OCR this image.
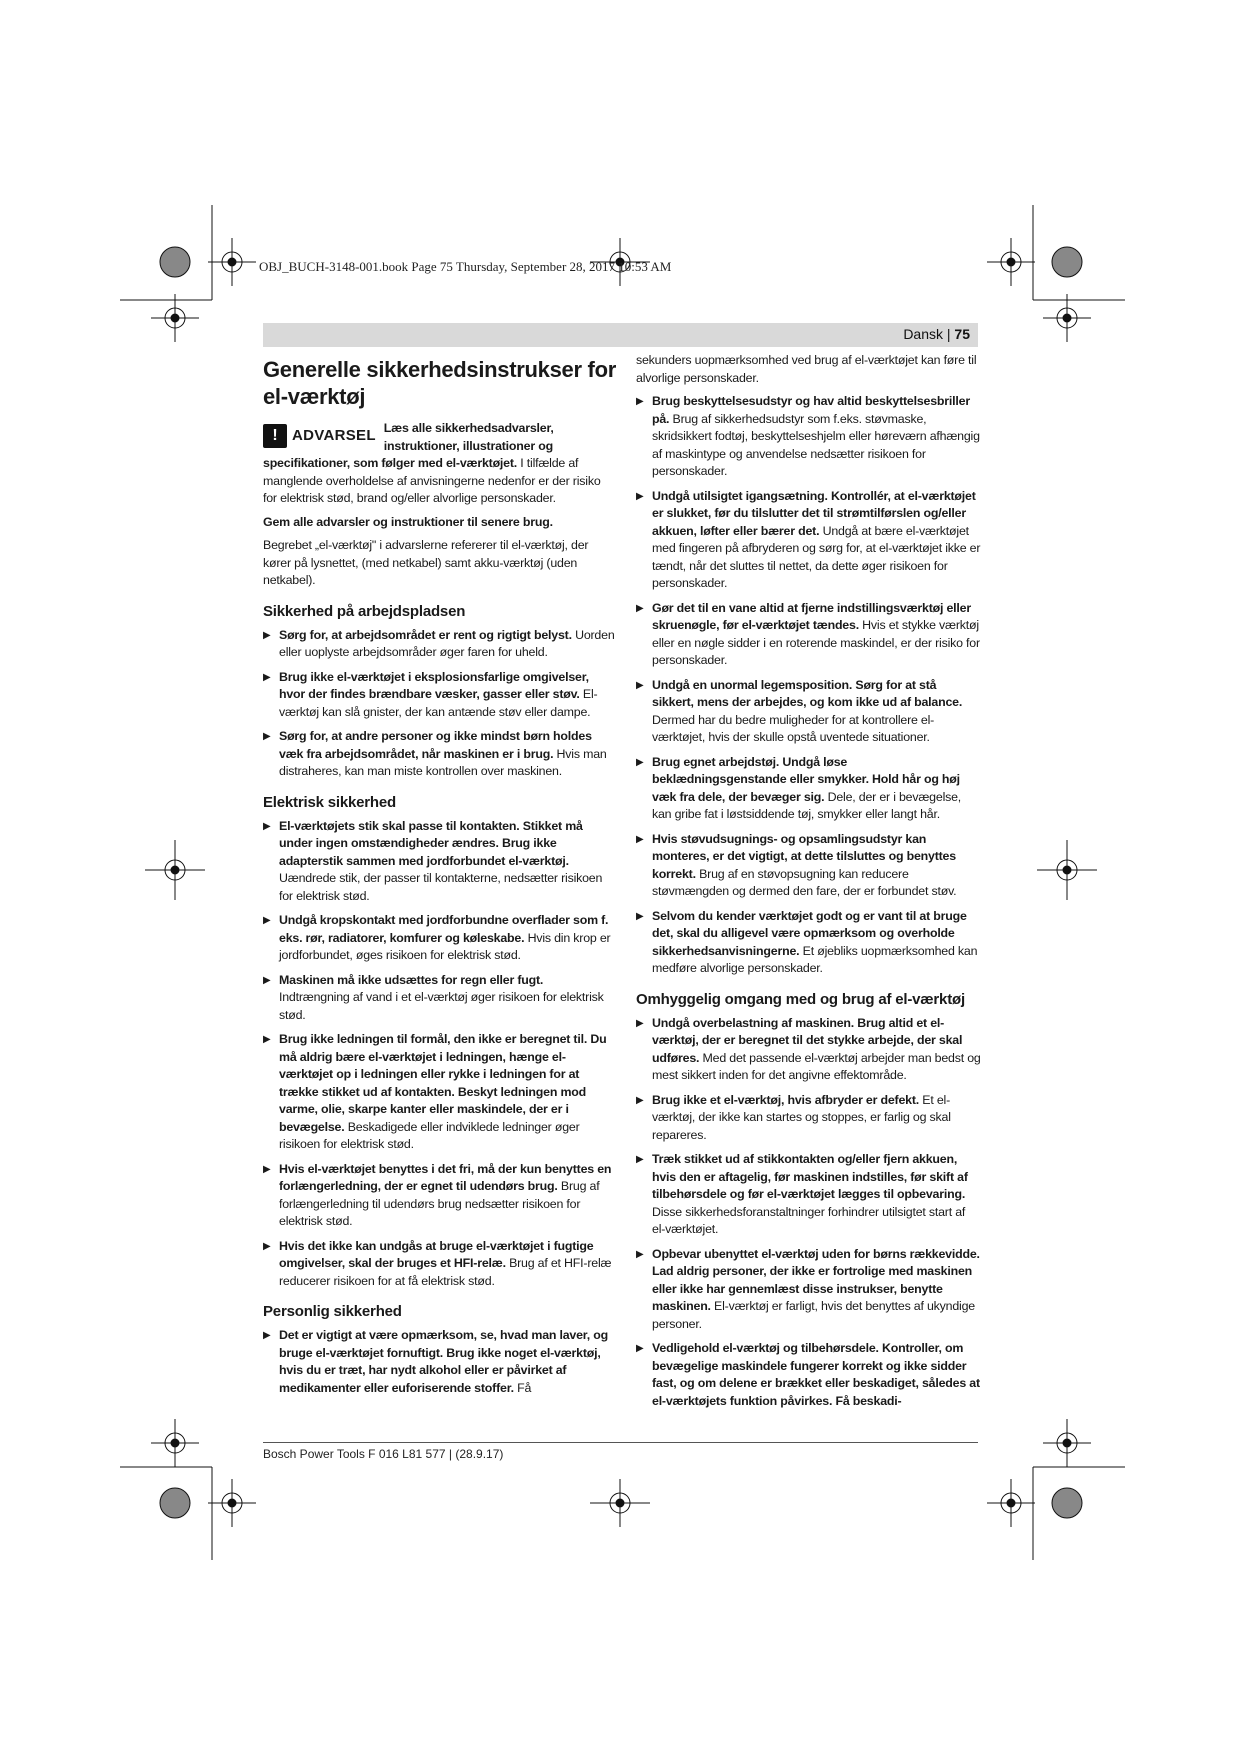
OBJ_BUCH-3148-001.book Page 75 Thursday, September 28, 2017 10:53 AM
Dansk | 75
Generelle sikkerhedsinstrukser for el-værktøj
! ADVARSEL Læs alle sikkerhedsadvarsler, instruktioner, illustrationer og specifikationer, som følger med el-værktøjet. I tilfælde af manglende overholdelse af anvisningerne nedenfor er der risiko for elektrisk stød, brand og/eller alvorlige personskader.

Gem alle advarsler og instruktioner til senere brug.

Begrebet „el-værktøj" i advarslerne refererer til el-værktøj, der kører på lysnettet, (med netkabel) samt akku-værktøj (uden netkabel).

Sikkerhed på arbejdspladsen
▶ Sørg for, at arbejdsområdet er rent og rigtigt belyst. Uorden eller uoplyste arbejdsområder øger faren for uheld.
▶ Brug ikke el-værktøjet i eksplosionsfarlige omgivelser, hvor der findes brændbare væsker, gasser eller støv. El-værktøj kan slå gnister, der kan antænde støv eller dampe.
▶ Sørg for, at andre personer og ikke mindst børn holdes væk fra arbejdsområdet, når maskinen er i brug. Hvis man distraheres, kan man miste kontrollen over maskinen.
Elektrisk sikkerhed
▶ El-værktøjets stik skal passe til kontakten. Stikket må under ingen omstændigheder ændres. Brug ikke adapterstik sammen med jordforbundet el-værktøj. Uændrede stik, der passer til kontakterne, nedsætter risikoen for elektrisk stød.
▶ Undgå kropskontakt med jordforbundne overflader som f. eks. rør, radiatorer, komfurer og køleskabe. Hvis din krop er jordforbundet, øges risikoen for elektrisk stød.
▶ Maskinen må ikke udsættes for regn eller fugt. Indtrængning af vand i et el-værktøj øger risikoen for elektrisk stød.
▶ Brug ikke ledningen til formål, den ikke er beregnet til. Du må aldrig bære el-værktøjet i ledningen, hænge el-værktøjet op i ledningen eller rykke i ledningen for at trække stikket ud af kontakten. Beskyt ledningen mod varme, olie, skarpe kanter eller maskindele, der er i bevægelse. Beskadigede eller indviklede ledninger øger risikoen for elektrisk stød.
▶ Hvis el-værktøjet benyttes i det fri, må der kun benyttes en forlængerledning, der er egnet til udendørs brug. Brug af forlængerledning til udendørs brug nedsætter risikoen for elektrisk stød.
▶ Hvis det ikke kan undgås at bruge el-værktøjet i fugtige omgivelser, skal der bruges et HFI-relæ. Brug af et HFI-relæ reducerer risikoen for at få elektrisk stød.
Personlig sikkerhed
▶ Det er vigtigt at være opmærksom, se, hvad man laver, og bruge el-værktøjet fornuftigt. Brug ikke noget el-værktøj, hvis du er træt, har nydt alkohol eller er påvirket af medikamenter eller euforiserende stoffer. Få

sekunders uopmærksomhed ved brug af el-værktøjet kan føre til alvorlige personskader.

▶ Brug beskyttelsesudstyr og hav altid beskyttelsesbriller på. Brug af sikkerhedsudstyr som f.eks. støvmaske, skridsikkert fodtøj, beskyttelseshjelm eller høreværn afhængig af maskintype og anvendelse nedsætter risikoen for personskader.
▶ Undgå utilsigtet igangsætning. Kontrollér, at el-værktøjet er slukket, før du tilslutter det til strømtilførslen og/eller akkuen, løfter eller bærer det. Undgå at bære el-værktøjet med fingeren på afbryderen og sørg for, at el-værktøjet ikke er tændt, når det sluttes til nettet, da dette øger risikoen for personskader.
▶ Gør det til en vane altid at fjerne indstillingsværktøj eller skruenøgle, før el-værktøjet tændes. Hvis et stykke værktøj eller en nøgle sidder i en roterende maskindel, er der risiko for personskader.
▶ Undgå en unormal legemsposition. Sørg for at stå sikkert, mens der arbejdes, og kom ikke ud af balance. Dermed har du bedre muligheder for at kontrollere el-værktøjet, hvis der skulle opstå uventede situationer.
▶ Brug egnet arbejdstøj. Undgå løse beklædningsgenstande eller smykker. Hold hår og høj væk fra dele, der bevæger sig. Dele, der er i bevægelse, kan gribe fat i løstsiddende tøj, smykker eller langt hår.
▶ Hvis støvudsugnings- og opsamlingsudstyr kan monteres, er det vigtigt, at dette tilsluttes og benyttes korrekt. Brug af en støvopsugning kan reducere støvmængden og dermed den fare, der er forbundet støv.
▶ Selvom du kender værktøjet godt og er vant til at bruge det, skal du alligevel være opmærksom og overholde sikkerhedsanvisningerne. Et øjebliks uopmærksomhed kan medføre alvorlige personskader.
Omhyggelig omgang med og brug af el-værktøj
▶ Undgå overbelastning af maskinen. Brug altid et el-værktøj, der er beregnet til det stykke arbejde, der skal udføres. Med det passende el-værktøj arbejder man bedst og mest sikkert inden for det angivne effektområde.
▶ Brug ikke et el-værktøj, hvis afbryder er defekt. Et el-værktøj, der ikke kan startes og stoppes, er farlig og skal repareres.
▶ Træk stikket ud af stikkontakten og/eller fjern akkuen, hvis den er aftagelig, før maskinen indstilles, før skift af tilbehørsdele og før el-værktøjet lægges til opbevaring. Disse sikkerhedsforanstaltninger forhindrer utilsigtet start af el-værktøjet.
▶ Opbevar ubenyttet el-værktøj uden for børns rækkevidde. Lad aldrig personer, der ikke er fortrolige med maskinen eller ikke har gennemlæst disse instrukser, benytte maskinen. El-værktøj er farligt, hvis det benyttes af ukyndige personer.
▶ Vedligehold el-værktøj og tilbehørsdele. Kontroller, om bevægelige maskindele fungerer korrekt og ikke sidder fast, og om delene er brækket eller beskadiget, således at el-værktøjets funktion påvirkes. Få beskadi-
Bosch Power Tools F 016 L81 577 | (28.9.17)
